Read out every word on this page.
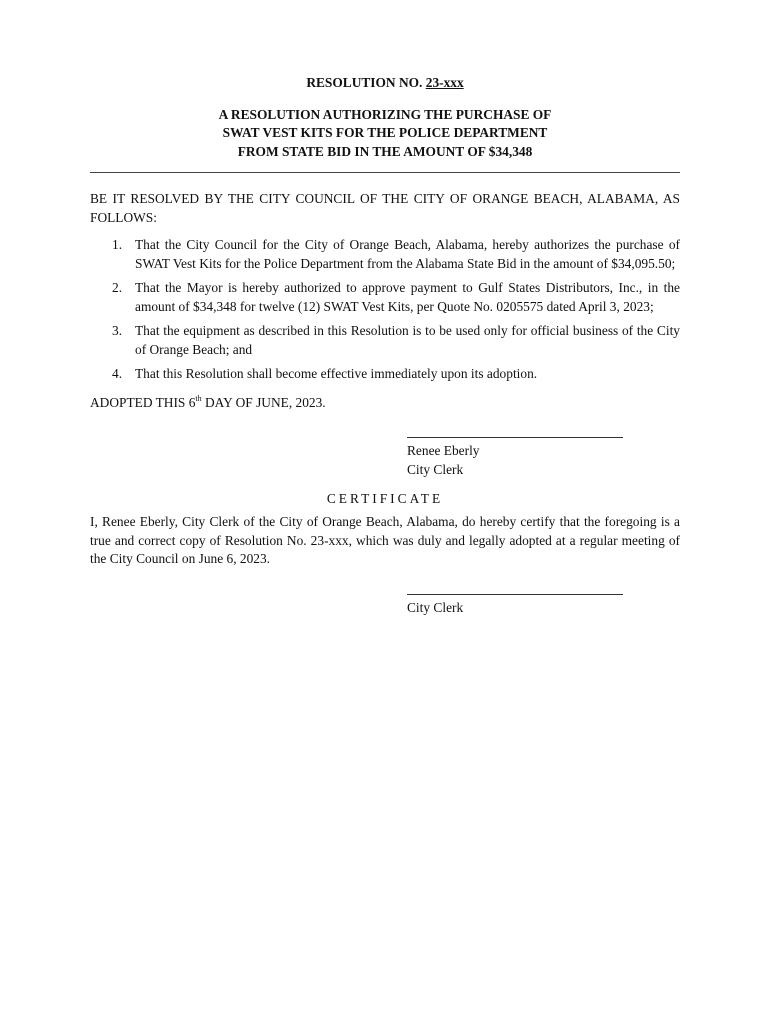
RESOLUTION NO. 23-xxx
A RESOLUTION AUTHORIZING THE PURCHASE OF
SWAT VEST KITS FOR THE POLICE DEPARTMENT
FROM STATE BID IN THE AMOUNT OF $34,348

BE IT RESOLVED BY THE CITY COUNCIL OF THE CITY OF ORANGE BEACH, ALABAMA, AS FOLLOWS:

1. That the City Council for the City of Orange Beach, Alabama, hereby authorizes the purchase of SWAT Vest Kits for the Police Department from the Alabama State Bid in the amount of $34,095.50;
2. That the Mayor is hereby authorized to approve payment to Gulf States Distributors, Inc., in the amount of $34,348 for twelve (12) SWAT Vest Kits, per Quote No. 0205575 dated April 3, 2023;
3. That the equipment as described in this Resolution is to be used only for official business of the City of Orange Beach; and
4. That this Resolution shall become effective immediately upon its adoption.
ADOPTED THIS 6th DAY OF JUNE, 2023.
Renee Eberly
City Clerk
CERTIFICATE
I, Renee Eberly, City Clerk of the City of Orange Beach, Alabama, do hereby certify that the foregoing is a true and correct copy of Resolution No. 23-xxx, which was duly and legally adopted at a regular meeting of the City Council on June 6, 2023.
City Clerk
